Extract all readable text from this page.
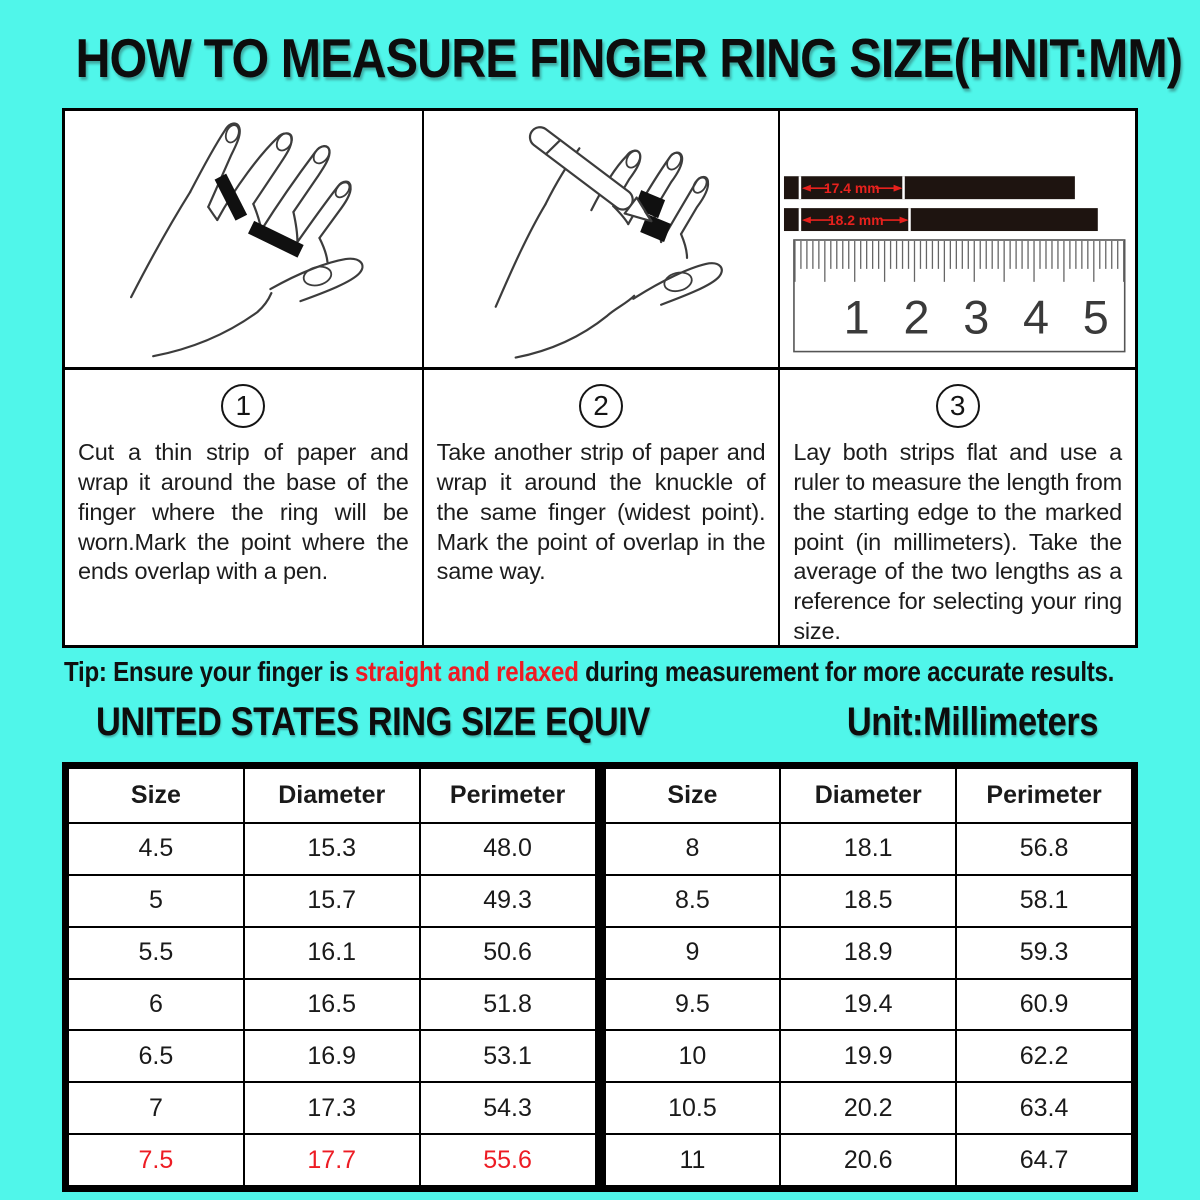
HOW TO MEASURE FINGER RING SIZE(HNIT:MM)
17.4 mm
18.2 mm
1 2 3 4 5
1
Cut a thin strip of paper and wrap it around the base of the finger where the ring will be worn.Mark the point where the ends overlap with a pen.
2
Take another strip of paper and wrap it around the knuckle of the same finger (widest point). Mark the point of overlap in the same way.
3
Lay both strips flat and use a ruler to measure the length from the starting edge to the marked point (in millimeters). Take the average of the two lengths as a reference for selecting your ring size.
Tip: Ensure your finger is straight and relaxed during measurement for more accurate results.
UNITED STATES RING SIZE EQUIV	Unit:Millimeters
Size	Diameter	Perimeter
4.5	15.3	48.0
5	15.7	49.3
5.5	16.1	50.6
6	16.5	51.8
6.5	16.9	53.1
7	17.3	54.3
7.5	17.7	55.6
Size	Diameter	Perimeter
8	18.1	56.8
8.5	18.5	58.1
9	18.9	59.3
9.5	19.4	60.9
10	19.9	62.2
10.5	20.2	63.4
11	20.6	64.7
